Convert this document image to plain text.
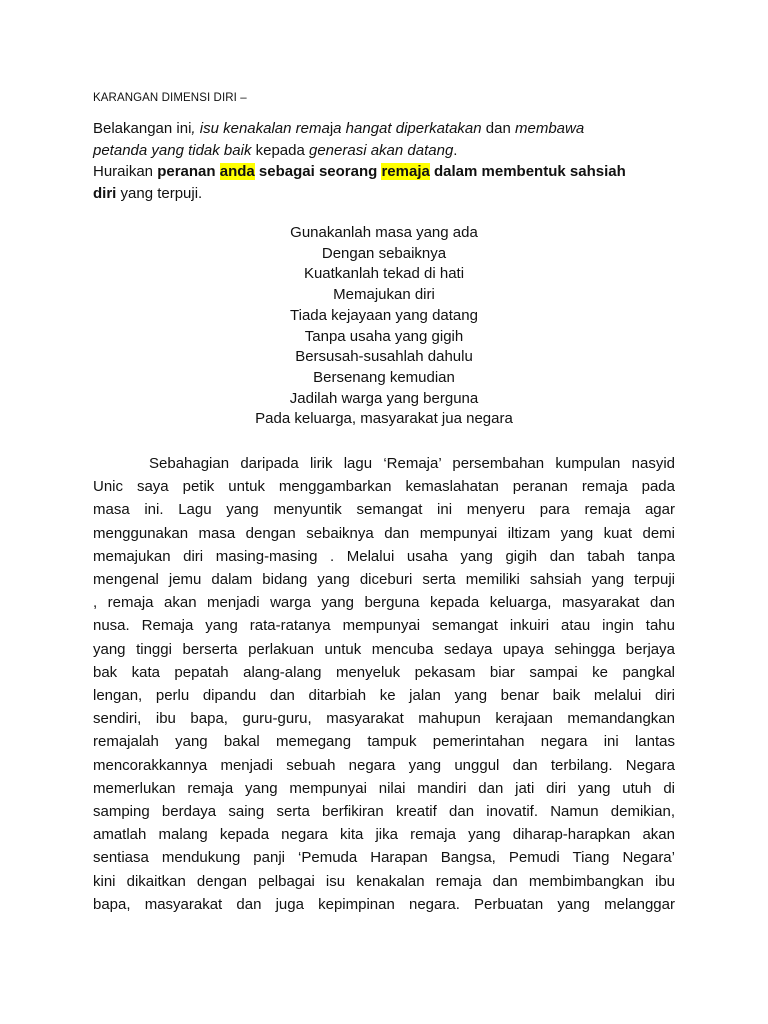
KARANGAN DIMENSI DIRI –

Belakangan ini, isu kenakalan remaja hangat diperkatakan dan membawa

petanda yang tidak baik kepada generasi akan datang.

Huraikan peranan anda sebagai seorang remaja dalam membentuk sahsiah

diri yang terpuji.

Gunakanlah masa yang ada
Dengan sebaiknya
Kuatkanlah tekad di hati
Memajukan diri
Tiada kejayaan yang datang
Tanpa usaha yang gigih
Bersusah-susahlah dahulu
Bersenang kemudian
Jadilah warga yang berguna
Pada keluarga, masyarakat jua negara
Sebahagian daripada lirik lagu ‘Remaja’ persembahan kumpulan nasyid
Unic saya petik untuk menggambarkan kemaslahatan peranan remaja pada
masa ini. Lagu yang menyuntik semangat ini menyeru para remaja agar
menggunakan masa dengan sebaiknya dan mempunyai iltizam yang kuat demi
memajukan diri masing-masing . Melalui usaha yang gigih dan tabah tanpa
mengenal jemu dalam bidang yang diceburi serta memiliki sahsiah yang terpuji
, remaja akan menjadi warga yang berguna kepada keluarga, masyarakat dan
nusa. Remaja yang rata-ratanya mempunyai semangat inkuiri atau ingin tahu
yang tinggi berserta perlakuan untuk mencuba sedaya upaya sehingga berjaya
bak kata pepatah alang-alang menyeluk pekasam biar sampai ke pangkal
lengan, perlu dipandu dan ditarbiah ke jalan yang benar baik melalui diri
sendiri, ibu bapa, guru-guru, masyarakat mahupun kerajaan memandangkan
remajalah yang bakal memegang tampuk pemerintahan negara ini lantas
mencorakkannya menjadi sebuah negara yang unggul dan terbilang. Negara
memerlukan remaja yang mempunyai nilai mandiri dan jati diri yang utuh di
samping berdaya saing serta berfikiran kreatif dan inovatif. Namun demikian,
amatlah malang kepada negara kita jika remaja yang diharap-harapkan akan
sentiasa mendukung panji ‘Pemuda Harapan Bangsa, Pemudi Tiang Negara’
kini dikaitkan dengan pelbagai isu kenakalan remaja dan membimbangkan ibu
bapa, masyarakat dan juga kepimpinan negara. Perbuatan yang melanggar
